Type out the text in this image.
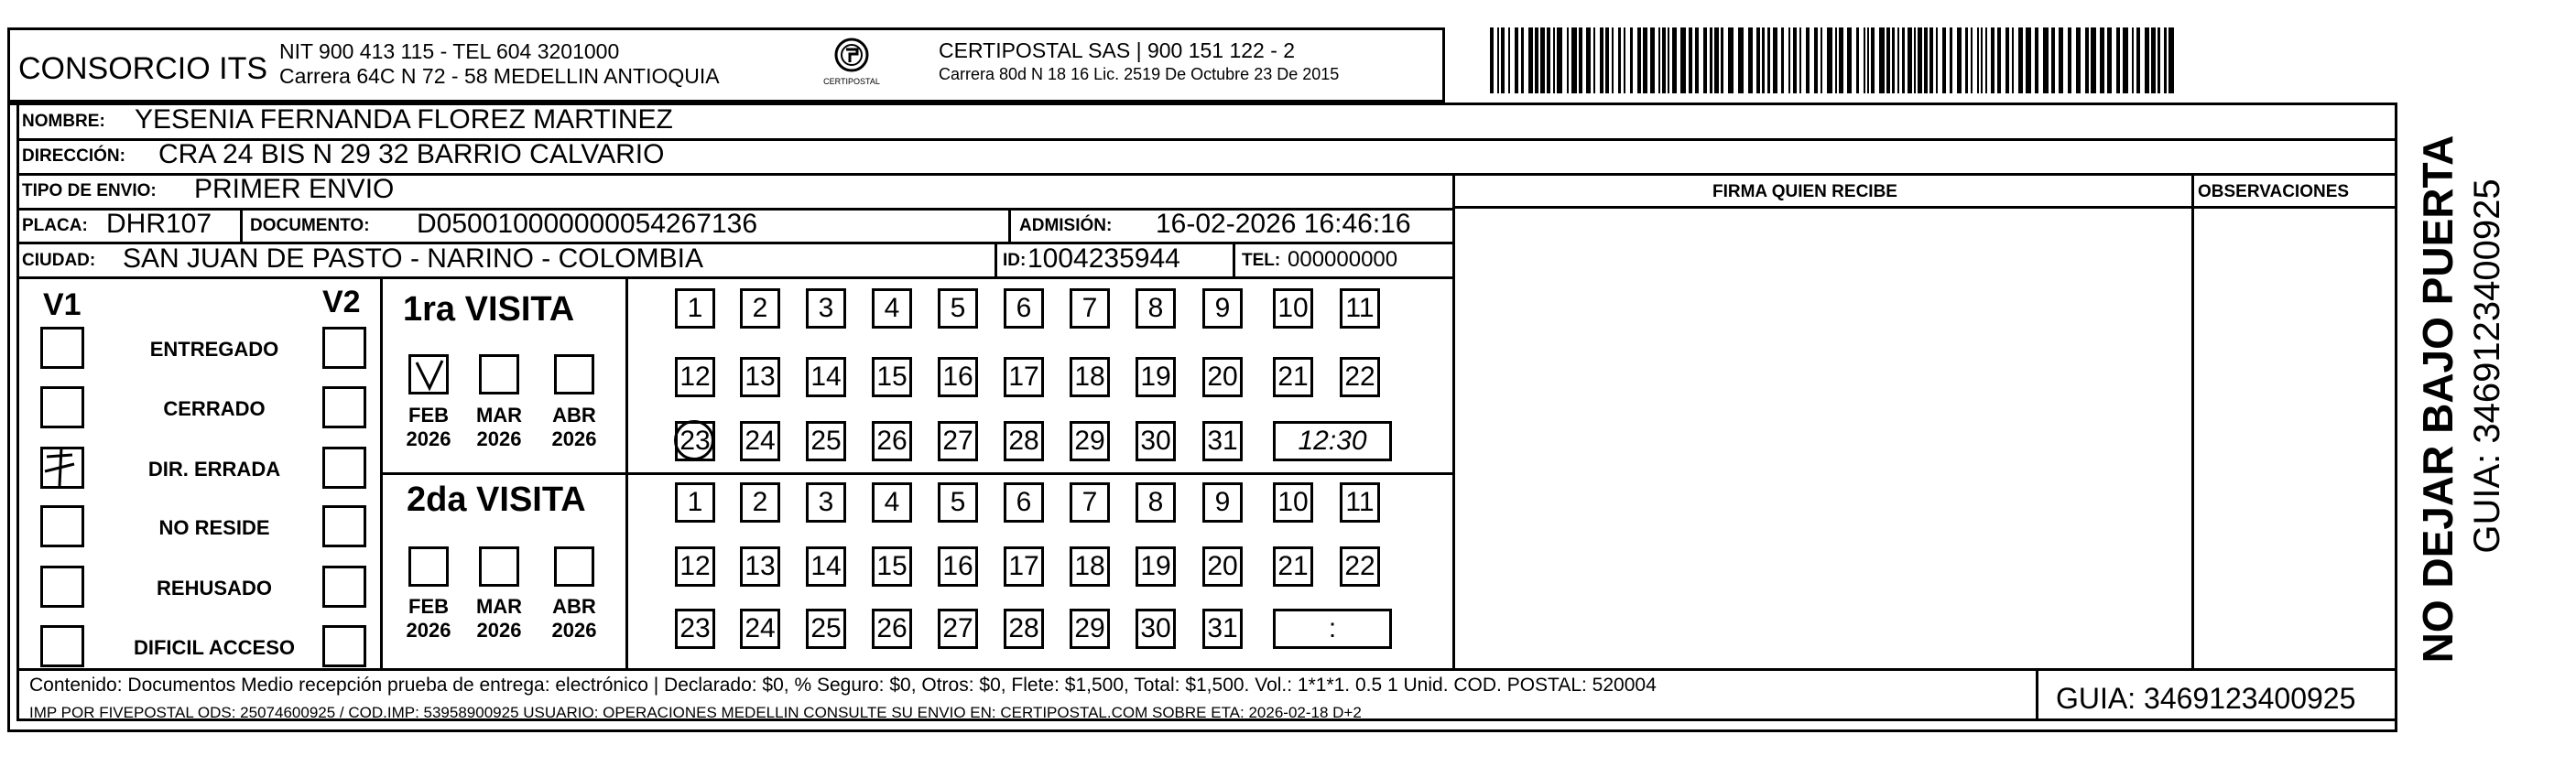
CONSORCIO ITS NIT 900 413 115 - TEL 604 3201000
Carrera 64C N 72 - 58 MEDELLIN ANTIOQUIA	CERTIPOSTAL
CERTIPOSTAL SAS | 900 151 122 - 2
Carrera 80d N 18 16 Lic. 2519 De Octubre 23 De 2015
NOMBRE: YESENIA FERNANDA FLOREZ MARTINEZ
DIRECCIÓN: CRA 24 BIS N 29 32 BARRIO CALVARIO
TIPO DE ENVIO: PRIMER ENVIO
PLACA: DHR107 DOCUMENTO: D050010000000054267136	ADMISIÓN: 16-02-2026 16:46:16
CIUDAD: SAN JUAN DE PASTO - NARINO - COLOMBIA	ID: 1004235944	TEL: 000000000
FIRMA QUIEN RECIBE	OBSERVACIONES
V1	V2
ENTREGADO
CERRADO
DIR. ERRADA
NO RESIDE
REHUSADO
DIFICIL ACCESO
1ra VISITA
2da VISITA
FEB
2026
MAR
2026
ABR
2026
1	2	3	4	5	6	7	8	9	10 11
12 13 14 15 16 17 18 19 20 21 22
23 24 25 26 27 28 29 30 31	12:30
FEB
2026
MAR
2026
ABR
2026
1	2	3	4	5	6	7	8	9	10 11
12 13 14 15 16 17 18 19 20 21 22
23 24 25 26 27 28 29 30 31	:
Contenido: Documentos Medio recepción prueba de entrega: electrónico | Declarado: $0, % Seguro: $0, Otros: $0, Flete: $1,500, Total: $1,500. Vol.: 1*1*1. 0.5 1 Unid. COD. POSTAL: 520004
IMP POR FIVEPOSTAL ODS: 25074600925 / COD.IMP: 53958900925 USUARIO: OPERACIONES MEDELLIN CONSULTE SU ENVIO EN: CERTIPOSTAL.COM SOBRE ETA: 2026-02-18 D+2	GUIA: 3469123400925
NO DEJAR BAJO PUERTA GUIA: 3469123400925
